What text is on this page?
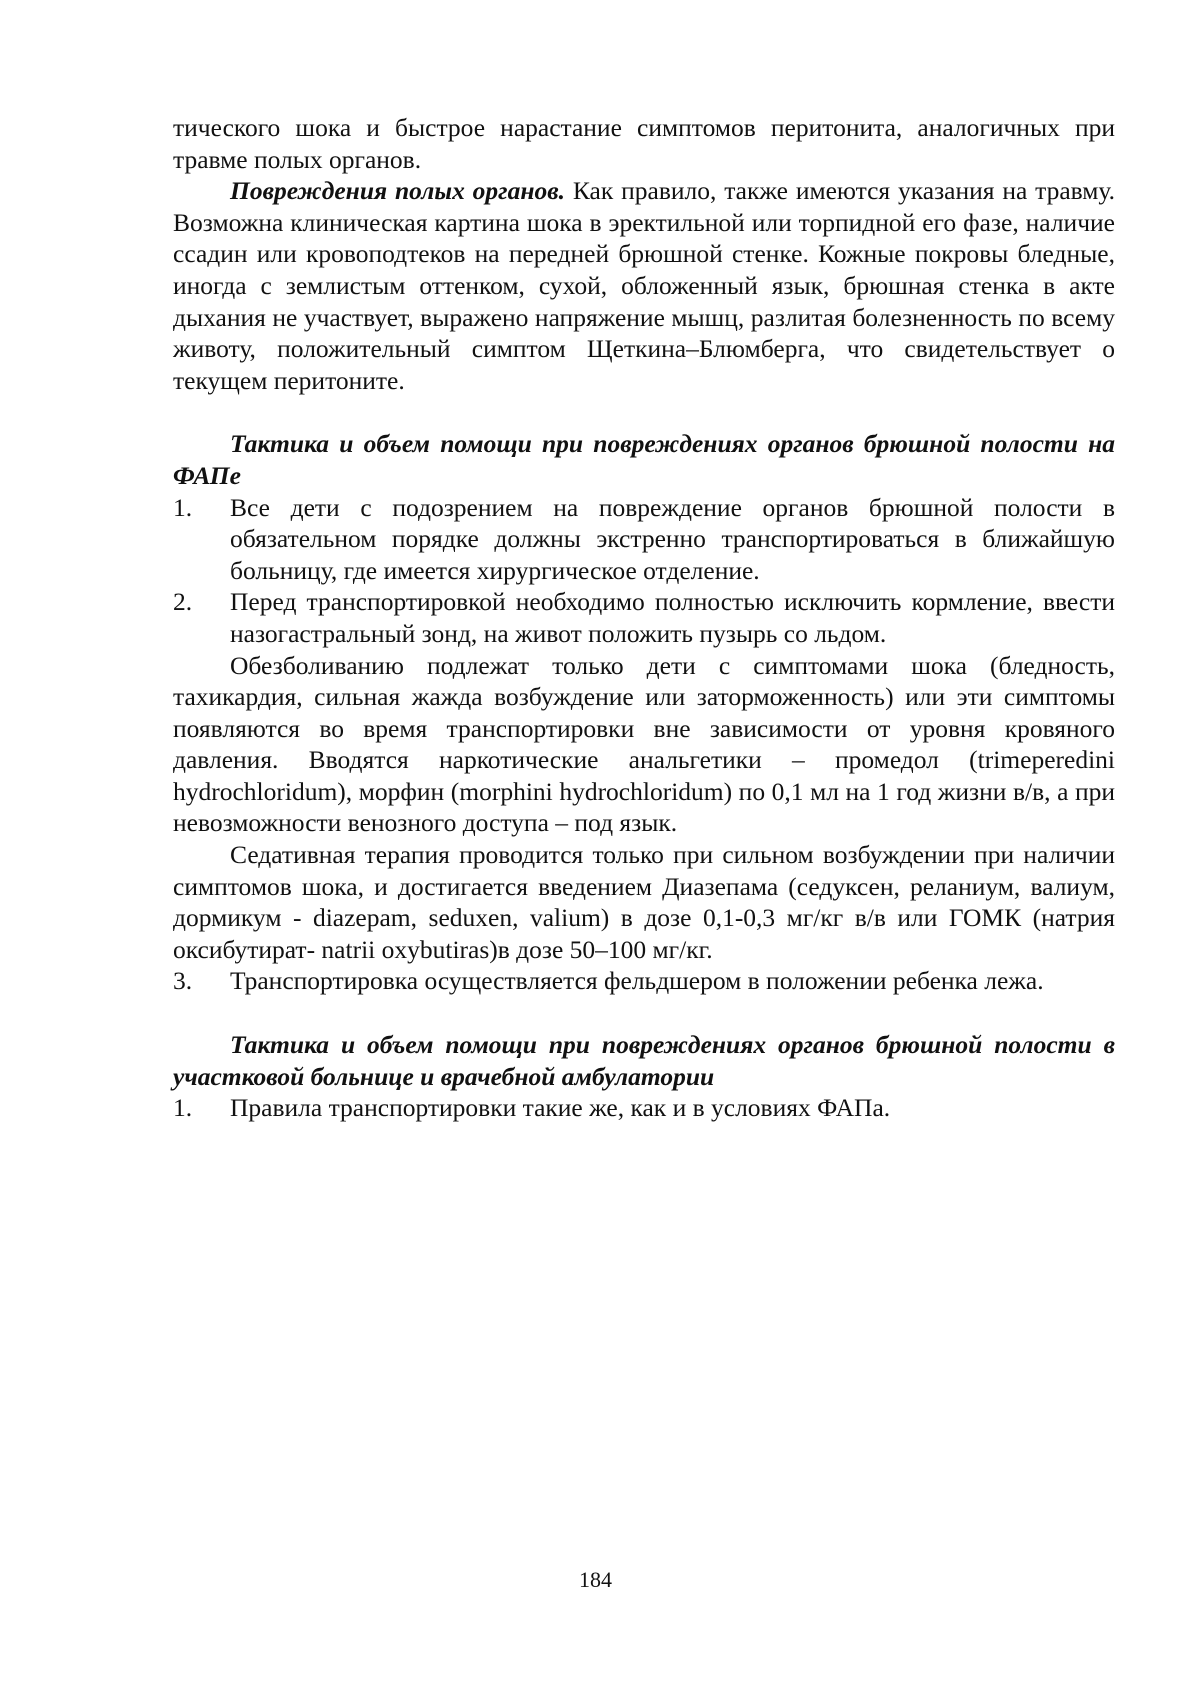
тического шока и быстрое нарастание симптомов перитонита, аналогичных при травме полых органов.

Повреждения полых органов. Как правило, также имеются указания на травму. Возможна клиническая картина шока в эректильной или торпидной его фазе, наличие ссадин или кровоподтеков на передней брюшной стенке. Кожные покровы бледные, иногда с землистым оттенком, сухой, обложенный язык, брюшная стенка в акте дыхания не участвует, выражено напряжение мышц, разлитая болезненность по всему животу, положительный симптом Щеткина–Блюмберга, что свидетельствует о текущем перитоните.

Тактика и объем помощи при повреждениях органов брюшной полости на ФАПе

1.	Все дети с подозрением на повреждение органов брюшной полости в обязательном порядке должны экстренно транспортироваться в ближайшую больницу, где имеется хирургическое отделение.
2.	Перед транспортировкой необходимо полностью исключить кормление, ввести назогастральный зонд, на живот положить пузырь со льдом.

Обезболиванию подлежат только дети с симптомами шока (бледность, тахикардия, сильная жажда возбуждение или заторможенность) или эти симптомы появляются во время транспортировки вне зависимости от уровня кровяного давления. Вводятся наркотические анальгетики – промедол (trimeperedini hydrochloridum), морфин (morphini hydrochloridum) по 0,1 мл на 1 год жизни в/в, а при невозможности венозного доступа – под язык.

Седативная терапия проводится только при сильном возбуждении при наличии симптомов шока, и достигается введением Диазепама (седуксен, реланиум, валиум, дормикум - diazepam, seduxen, valium) в дозе 0,1-0,3 мг/кг в/в или ГОМК (натрия оксибутират- natrii oxybutiras)в дозе 50–100 мг/кг.

3.	Транспортировка осуществляется фельдшером в положении ребенка лежа.

Тактика и объем помощи при повреждениях органов брюшной полости в участковой больнице и врачебной амбулатории

1.	Правила транспортировки такие же, как и в условиях ФАПа.
184
